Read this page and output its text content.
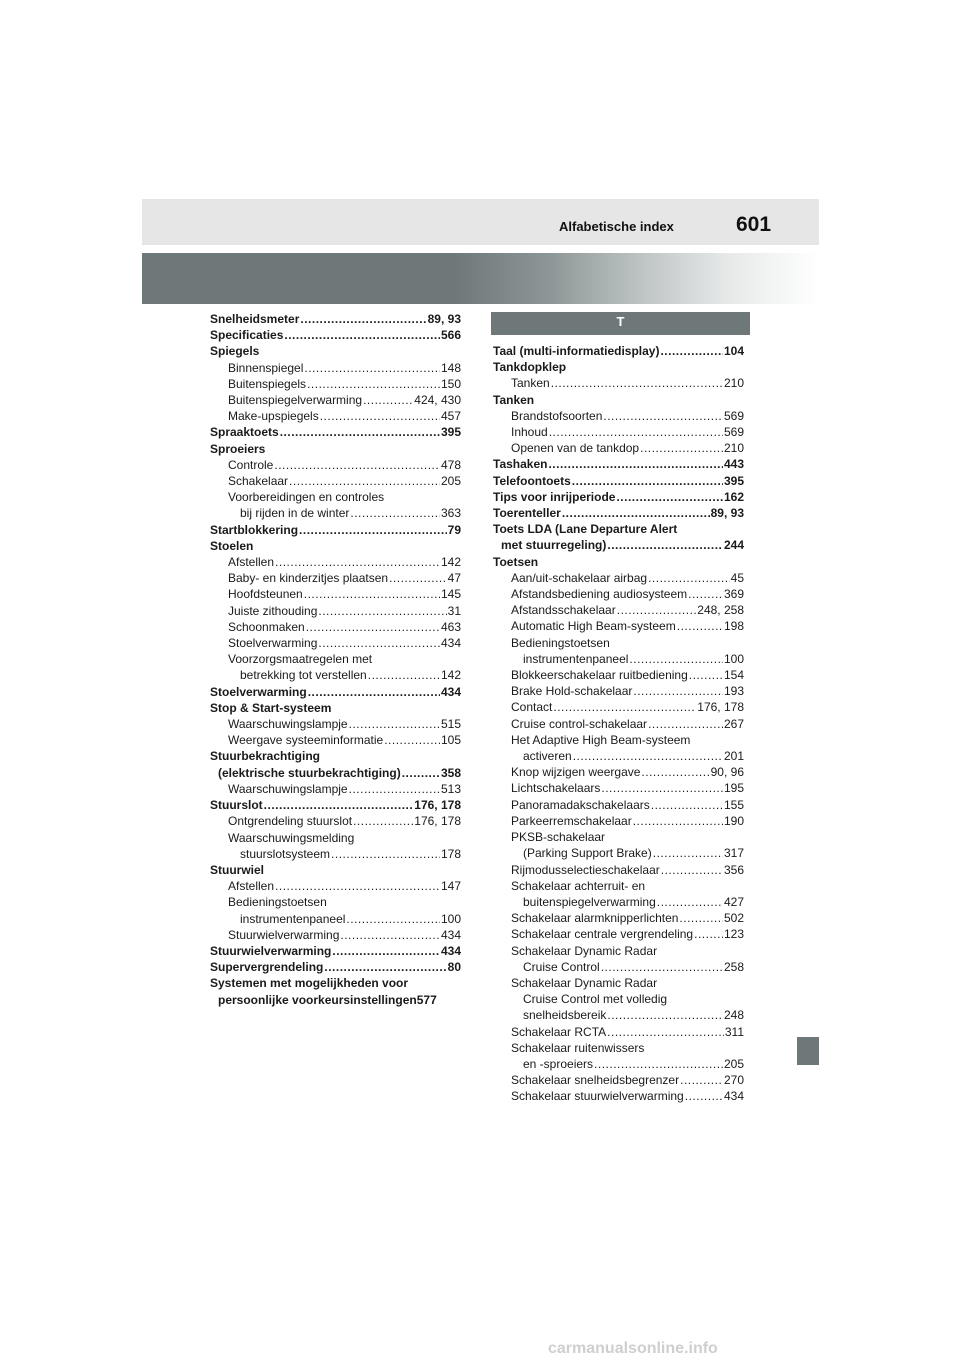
Alfabetische index	601
Snelheidsmeter .....	89, 93
Specificaties .....	566
Spiegels
Binnenspiegel .....	148
Buitenspiegels .....	150
Buitenspiegelverwarming .....	424, 430
Make-upspiegels .....	457
Spraaktoets .....	395
Sproeiers
Controle .....	478
Schakelaar .....	205
Voorbereidingen en controles
bij rijden in de winter .....	363
Startblokkering .....	79
Stoelen
Afstellen .....	142
Baby- en kinderzitjes plaatsen .....	47
Hoofdsteunen .....	145
Juiste zithouding .....	31
Schoonmaken .....	463
Stoelverwarming .....	434
Voorzorgsmaatregelen met
betrekking tot verstellen .....	142
Stoelverwarming .....	434
Stop & Start-systeem
Waarschuwingslampje .....	515
Weergave systeeminformatie .....	105
Stuurbekrachtiging
(elektrische stuurbekrachtiging) .....	358
Waarschuwingslampje .....	513
Stuurslot .....	176, 178
Ontgrendeling stuurslot .....	176, 178
Waarschuwingsmelding
stuurslotsysteem .....	178
Stuurwiel
Afstellen .....	147
Bedieningstoetsen
instrumentenpaneel .....	100
Stuurwielverwarming .....	434
Stuurwielverwarming .....	434
Supervergrendeling .....	80
Systemen met mogelijkheden voor
persoonlijke voorkeursinstellingen 577
T
Taal (multi-informatiedisplay) .....	104
Tankdopklep
Tanken .....	210
Tanken
Brandstofsoorten .....	569
Inhoud .....	569
Openen van de tankdop .....	210
Tashaken .....	443
Telefoontoets .....	395
Tips voor inrijperiode .....	162
Toerenteller .....	89, 93
Toets LDA (Lane Departure Alert
met stuurregeling) .....	244
Toetsen
Aan/uit-schakelaar airbag .....	45
Afstandsbediening audiosysteem .....	369
Afstandsschakelaar .....	248, 258
Automatic High Beam-systeem .....	198
Bedieningstoetsen
instrumentenpaneel .....	100
Blokkeerschakelaar ruitbediening .....	154
Brake Hold-schakelaar .....	193
Contact .....	176, 178
Cruise control-schakelaar .....	267
Het Adaptive High Beam-systeem
activeren .....	201
Knop wijzigen weergave .....	90, 96
Lichtschakelaars .....	195
Panoramadakschakelaars .....	155
Parkeerremschakelaar .....	190
PKSB-schakelaar
(Parking Support Brake) .....	317
Rijmodusselectieschakelaar .....	356
Schakelaar achterruit- en
buitenspiegelverwarming .....	427
Schakelaar alarmknipperlichten .....	502
Schakelaar centrale vergrendeling .....	123
Schakelaar Dynamic Radar
Cruise Control .....	258
Schakelaar Dynamic Radar
Cruise Control met volledig
snelheidsbereik .....	248
Schakelaar RCTA .....	311
Schakelaar ruitenwissers
en -sproeiers .....	205
Schakelaar snelheidsbegrenzer .....	270
Schakelaar stuurwielverwarming .....	434
carmanualsonline.info
